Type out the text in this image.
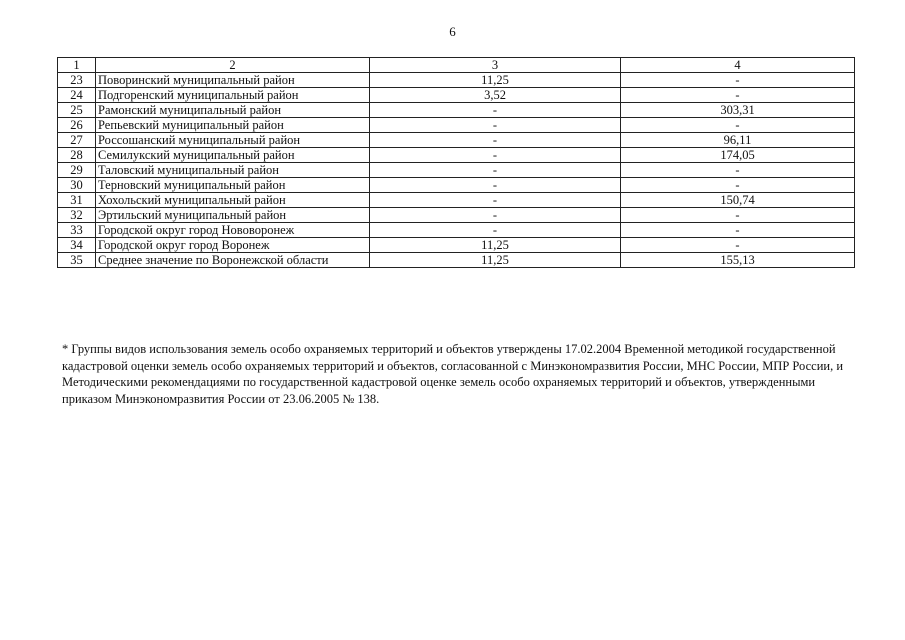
6
1	2	3	4
23	Поворинский муниципальный район	11,25	-
24	Подгоренский муниципальный район	3,52	-
25	Рамонский муниципальный район	-	303,31
26	Репьевский муниципальный район	-	-
27	Россошанский муниципальный район	-	96,11
28	Семилукский муниципальный район	-	174,05
29	Таловский муниципальный район	-	-
30	Терновский муниципальный район	-	-
31	Хохольский муниципальный район	-	150,74
32	Эртильский муниципальный район	-	-
33	Городской округ город Нововоронеж	-	-
34	Городской округ город Воронеж	11,25	-
35	Среднее значение по Воронежской области	11,25	155,13
* Группы видов использования земель особо охраняемых территорий и объектов утверждены 17.02.2004 Временной методикой государственной кадастровой оценки земель особо охраняемых территорий и объектов, согласованной с Минэкономразвития России, МНС России, МПР России, и Методическими рекомендациями по государственной кадастровой оценке земель особо охраняемых территорий и объектов, утвержденными приказом Минэкономразвития России от 23.06.2005 № 138.
